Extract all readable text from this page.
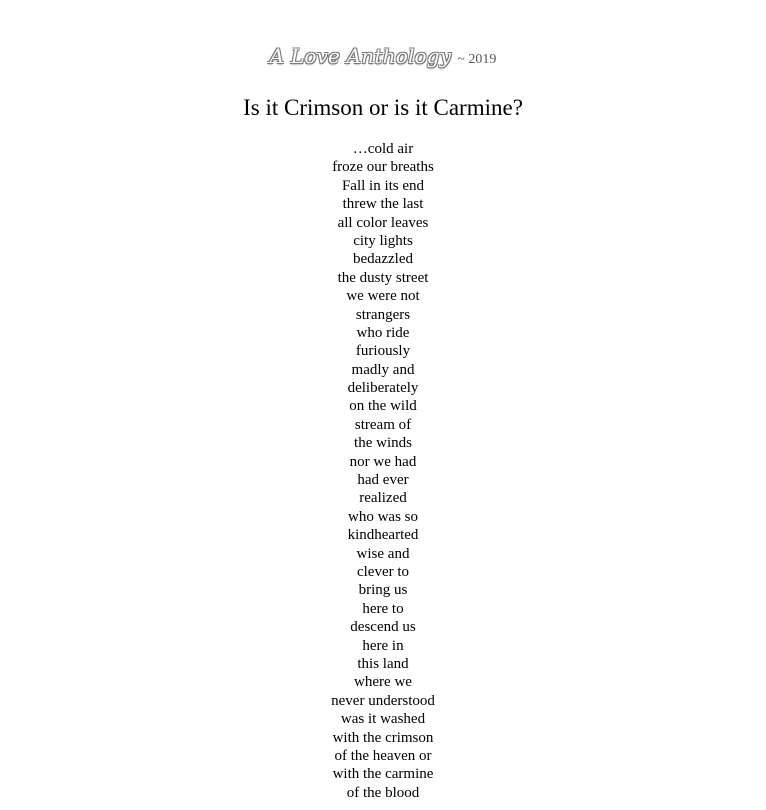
A Love Anthology ~ 2019
Is it Crimson or is it Carmine?
…cold air
froze our breaths
Fall in its end
threw the last
all color leaves
city lights
bedazzled
the dusty street
we were not
strangers
who ride
furiously
madly and
deliberately
on the wild
stream of
the winds
nor we had
had ever
realized
who was so
kindhearted
wise and
clever to
bring us
here to
descend us
here in
this land
where we
never understood
was it washed
with the crimson
of the heaven or
with the carmine
of the blood
